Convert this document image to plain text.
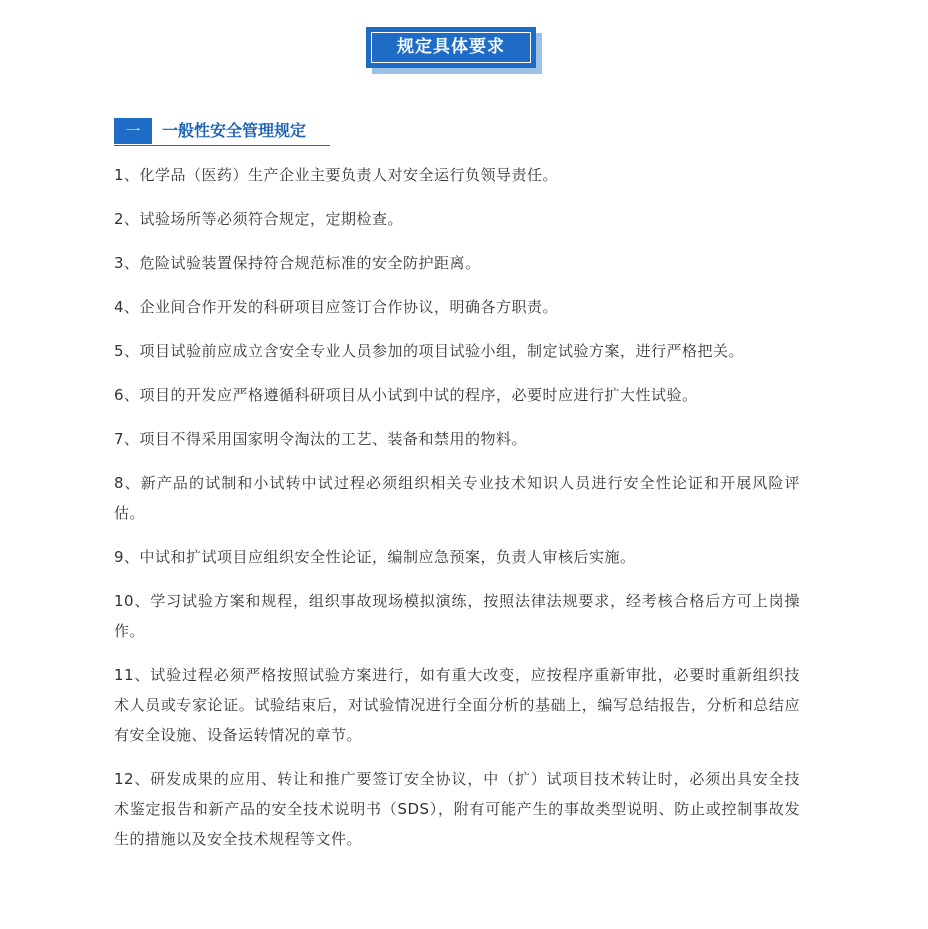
规定具体要求
一	一般性安全管理规定

1、化学品（医药）生产企业主要负责人对安全运行负领导责任。

2、试验场所等必须符合规定，定期检查。

3、危险试验装置保持符合规范标准的安全防护距离。

4、企业间合作开发的科研项目应签订合作协议，明确各方职责。

5、项目试验前应成立含安全专业人员参加的项目试验小组，制定试验方案，进行严格把关。

6、项目的开发应严格遵循科研项目从小试到中试的程序，必要时应进行扩大性试验。

7、项目不得采用国家明令淘汰的工艺、装备和禁用的物料。

8、新产品的试制和小试转中试过程必须组织相关专业技术知识人员进行安全性论证和开展风险评估。

9、中试和扩试项目应组织安全性论证，编制应急预案，负责人审核后实施。

10、学习试验方案和规程，组织事故现场模拟演练，按照法律法规要求，经考核合格后方可上岗操作。

11、试验过程必须严格按照试验方案进行，如有重大改变，应按程序重新审批，必要时重新组织技术人员或专家论证。试验结束后，对试验情况进行全面分析的基础上，编写总结报告，分析和总结应有安全设施、设备运转情况的章节。

12、研发成果的应用、转让和推广要签订安全协议，中（扩）试项目技术转让时，必须出具安全技术鉴定报告和新产品的安全技术说明书（SDS），附有可能产生的事故类型说明、防止或控制事故发生的措施以及安全技术规程等文件。
